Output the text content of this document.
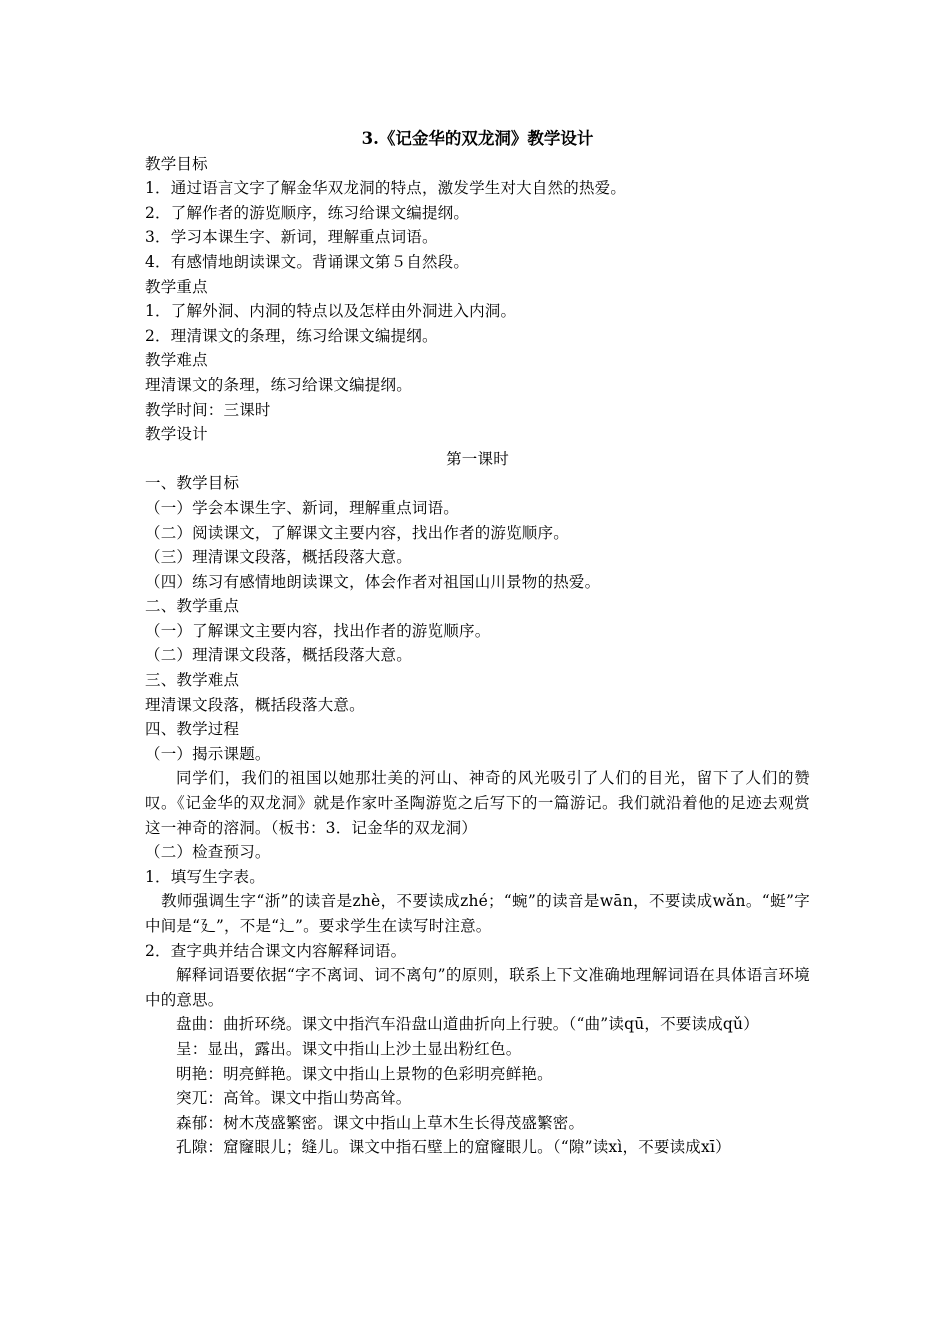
3.《记金华的双龙洞》教学设计
教学目标
1．通过语言文字了解金华双龙洞的特点，激发学生对大自然的热爱。
2．了解作者的游览顺序，练习给课文编提纲。
3．学习本课生字、新词，理解重点词语。
4．有感情地朗读课文。背诵课文第５自然段。
教学重点
1．了解外洞、内洞的特点以及怎样由外洞进入内洞。
2．理清课文的条理，练习给课文编提纲。
教学难点
理清课文的条理，练习给课文编提纲。
教学时间：三课时
教学设计
第一课时
一、教学目标
（一）学会本课生字、新词，理解重点词语。
（二）阅读课文，了解课文主要内容，找出作者的游览顺序。
（三）理清课文段落，概括段落大意。
（四）练习有感情地朗读课文，体会作者对祖国山川景物的热爱。
二、教学重点
（一）了解课文主要内容，找出作者的游览顺序。
（二）理清课文段落，概括段落大意。
三、教学难点
理清课文段落，概括段落大意。
四、教学过程
（一）揭示课题。
同学们，我们的祖国以她那壮美的河山、神奇的风光吸引了人们的目光，留下了人们的赞叹。《记金华的双龙洞》就是作家叶圣陶游览之后写下的一篇游记。我们就沿着他的足迹去观赏这一神奇的溶洞。（板书：3．记金华的双龙洞）
（二）检查预习。
1．填写生字表。
教师强调生字“浙”的读音是zhè，不要读成zhé；“蜿”的读音是wān，不要读成wǎn。“蜓”字中间是“廴”，不是“辶”。要求学生在读写时注意。
2．查字典并结合课文内容解释词语。
解释词语要依据“字不离词、词不离句”的原则，联系上下文准确地理解词语在具体语言环境中的意思。
盘曲：曲折环绕。课文中指汽车沿盘山道曲折向上行驶。（“曲”读qū，不要读成qǔ）
呈：显出，露出。课文中指山上沙土显出粉红色。
明艳：明亮鲜艳。课文中指山上景物的色彩明亮鲜艳。
突兀：高耸。课文中指山势高耸。
森郁：树木茂盛繁密。课文中指山上草木生长得茂盛繁密。
孔隙：窟窿眼儿；缝儿。课文中指石壁上的窟窿眼儿。（“隙”读xì，不要读成xī）
